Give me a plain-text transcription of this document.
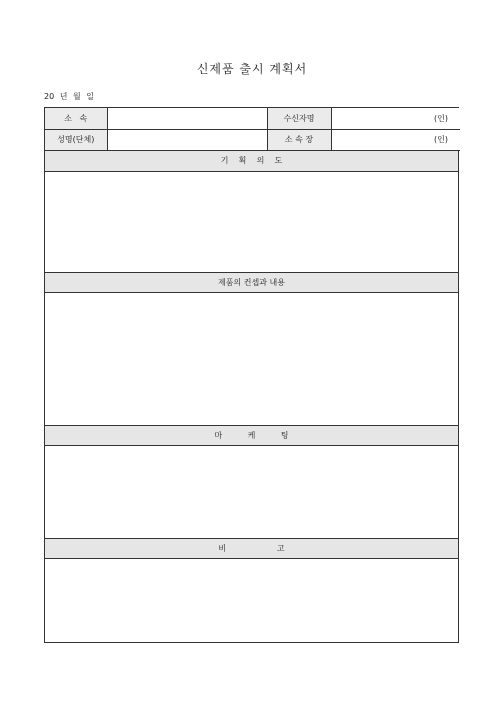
신제품 출시 계획서
20 년 월 일
소   속		수신자명	(인)
성명(단체)		소 속 장	(인)
기    획    의    도
제품의 컨셉과 내용
마          케          팅
비                    고
